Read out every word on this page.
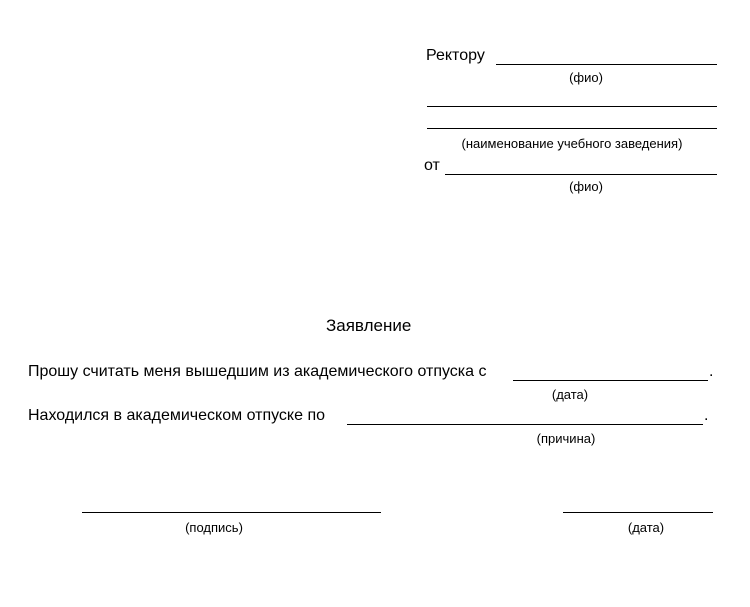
Ректору
(фио)
(наименование учебного заведения)
от
(фио)
Заявление
Прошу считать меня вышедшим из академического отпуска с	.
(дата)
Находился в академическом отпуске по	.
(причина)
(подпись)	(дата)
